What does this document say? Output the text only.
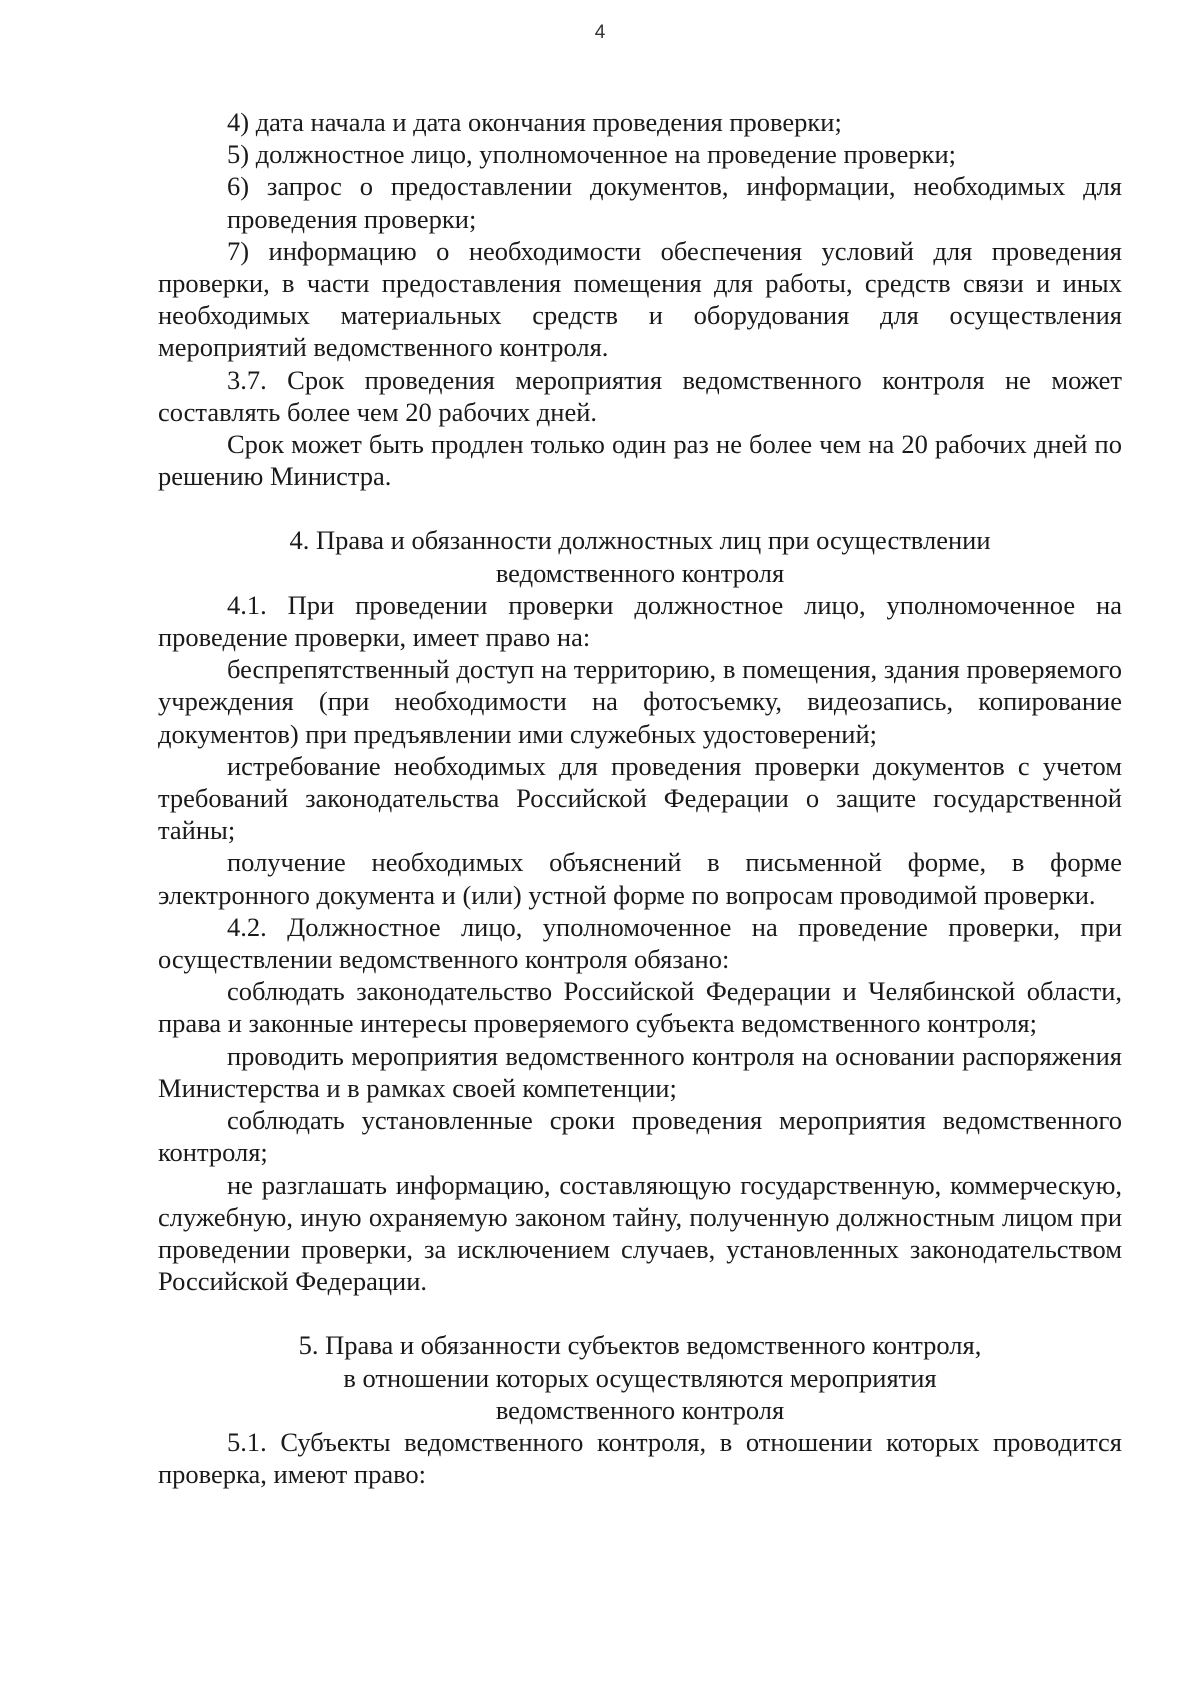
4

4) дата начала и дата окончания проведения проверки;

5) должностное лицо, уполномоченное на проведение проверки;

6) запрос о предоставлении документов, информации, необходимых для проведения проверки;

7) информацию о необходимости обеспечения условий для проведения проверки, в части предоставления помещения для работы, средств связи и иных необходимых материальных средств и оборудования для осуществления мероприятий ведомственного контроля.

3.7. Срок проведения мероприятия ведомственного контроля не может составлять более чем 20 рабочих дней.

Срок может быть продлен только один раз не более чем на 20 рабочих дней по решению Министра.

4. Права и обязанности должностных лиц при осуществлении
ведомственного контроля

4.1. При проведении проверки должностное лицо, уполномоченное на проведение проверки, имеет право на:

беспрепятственный доступ на территорию, в помещения, здания проверяемого учреждения (при необходимости на фотосъемку, видеозапись, копирование документов) при предъявлении ими служебных удостоверений;

истребование необходимых для проведения проверки документов с учетом требований законодательства Российской Федерации о защите государственной тайны;

получение необходимых объяснений в письменной форме, в форме электронного документа и (или) устной форме по вопросам проводимой проверки.

4.2. Должностное лицо, уполномоченное на проведение проверки, при осуществлении ведомственного контроля обязано:

соблюдать законодательство Российской Федерации и Челябинской области, права и законные интересы проверяемого субъекта ведомственного контроля;

проводить мероприятия ведомственного контроля на основании распоряжения Министерства и в рамках своей компетенции;

соблюдать установленные сроки проведения мероприятия ведомственного контроля;

не разглашать информацию, составляющую государственную, коммерческую, служебную, иную охраняемую законом тайну, полученную должностным лицом при проведении проверки, за исключением случаев, установленных законодательством Российской Федерации.

5. Права и обязанности субъектов ведомственного контроля,
в отношении которых осуществляются мероприятия
ведомственного контроля

5.1. Субъекты ведомственного контроля, в отношении которых проводится проверка, имеют право:
